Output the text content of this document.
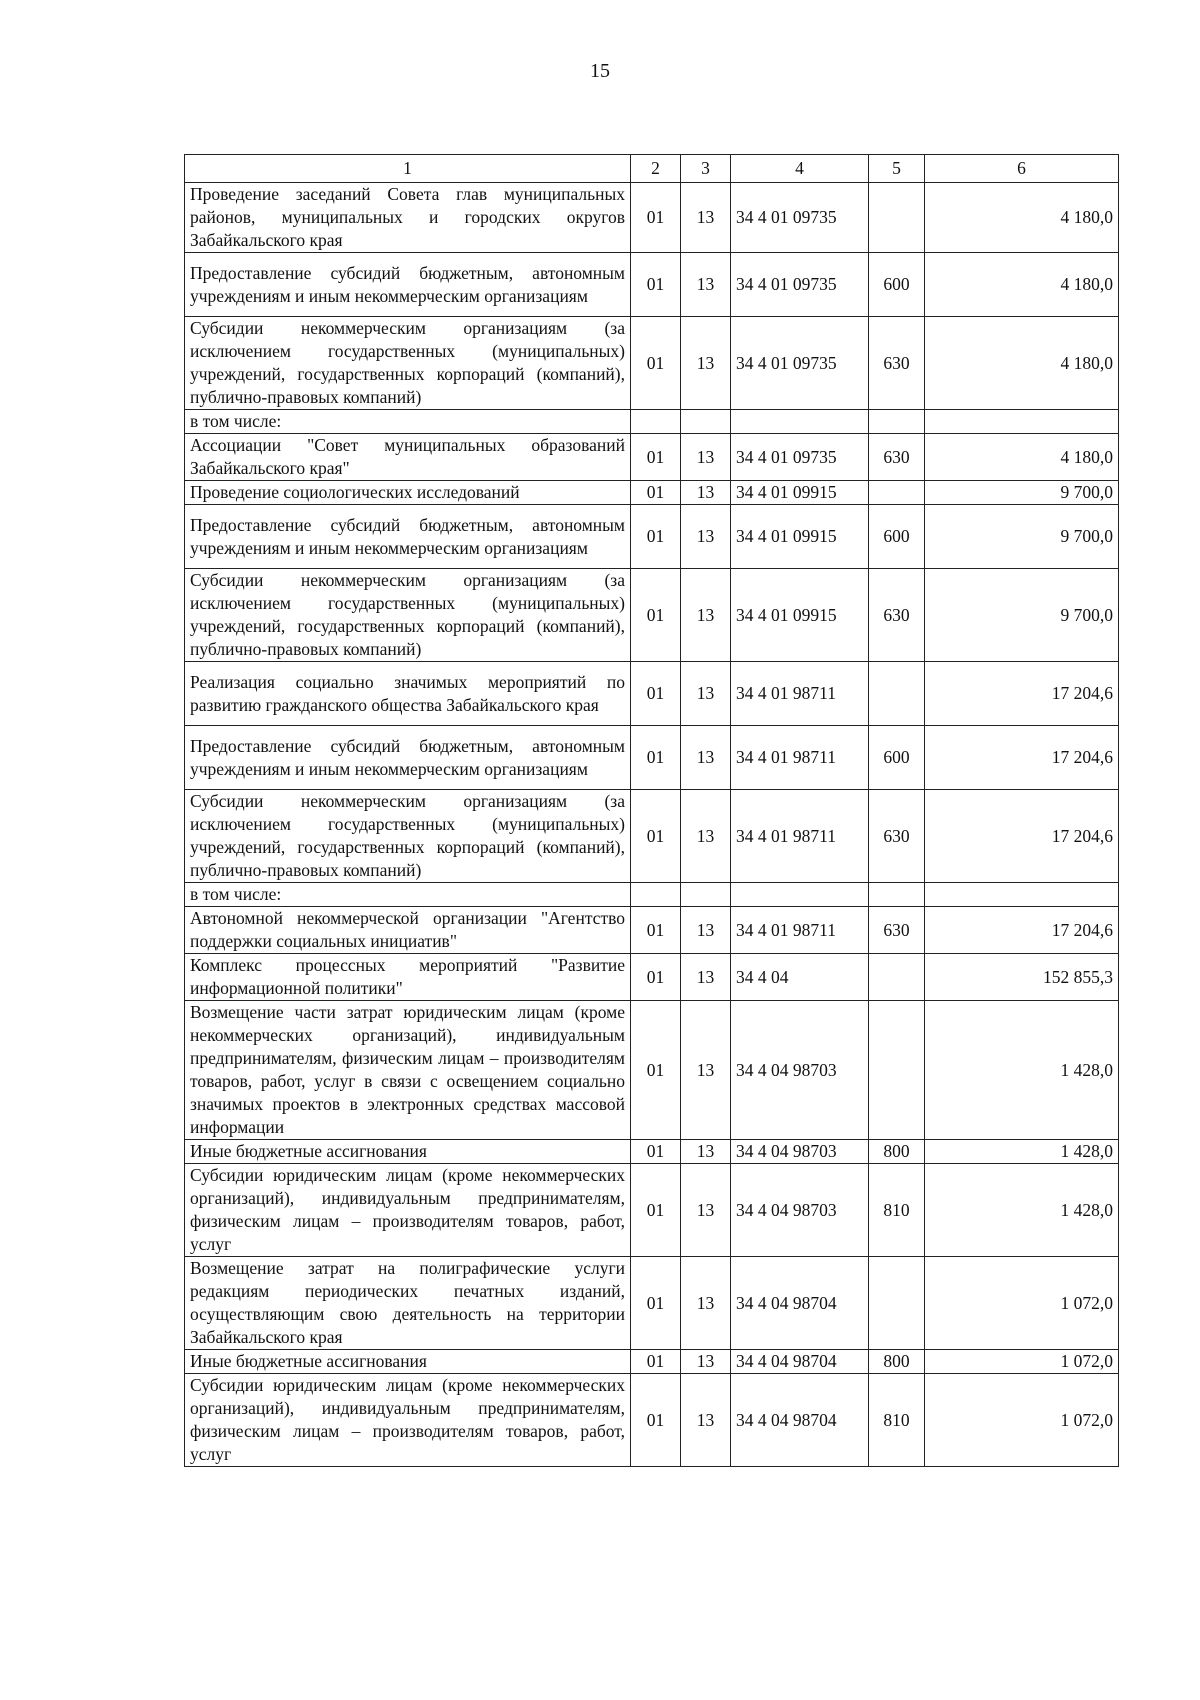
15
1	2	3	4	5	6
Проведение заседаний Совета глав муниципальных районов, муниципальных и городских округов Забайкальского края	01	13	34 4 01 09735		4 180,0
Предоставление субсидий бюджетным, автономным учреждениям и иным некоммерческим организациям	01	13	34 4 01 09735	600	4 180,0
Субсидии некоммерческим организациям (за исключением государственных (муниципальных) учреждений, государственных корпораций (компаний), публично-правовых компаний)	01	13	34 4 01 09735	630	4 180,0
в том числе:					
Ассоциации "Совет муниципальных образований Забайкальского края"	01	13	34 4 01 09735	630	4 180,0
Проведение социологических исследований	01	13	34 4 01 09915		9 700,0
Предоставление субсидий бюджетным, автономным учреждениям и иным некоммерческим организациям	01	13	34 4 01 09915	600	9 700,0
Субсидии некоммерческим организациям (за исключением государственных (муниципальных) учреждений, государственных корпораций (компаний), публично-правовых компаний)	01	13	34 4 01 09915	630	9 700,0
Реализация социально значимых мероприятий по развитию гражданского общества Забайкальского края	01	13	34 4 01 98711		17 204,6
Предоставление субсидий бюджетным, автономным учреждениям и иным некоммерческим организациям	01	13	34 4 01 98711	600	17 204,6
Субсидии некоммерческим организациям (за исключением государственных (муниципальных) учреждений, государственных корпораций (компаний), публично-правовых компаний)	01	13	34 4 01 98711	630	17 204,6
в том числе:					
Автономной некоммерческой организации "Агентство поддержки социальных инициатив"	01	13	34 4 01 98711	630	17 204,6
Комплекс процессных мероприятий "Развитие информационной политики"	01	13	34 4 04		152 855,3
Возмещение части затрат юридическим лицам (кроме некоммерческих организаций), индивидуальным предпринимателям, физическим лицам – производителям товаров, работ, услуг в связи с освещением социально значимых проектов в электронных средствах массовой информации	01	13	34 4 04 98703		1 428,0
Иные бюджетные ассигнования	01	13	34 4 04 98703	800	1 428,0
Субсидии юридическим лицам (кроме некоммерческих организаций), индивидуальным предпринимателям, физическим лицам – производителям товаров, работ, услуг	01	13	34 4 04 98703	810	1 428,0
Возмещение затрат на полиграфические услуги редакциям периодических печатных изданий, осуществляющим свою деятельность на территории Забайкальского края	01	13	34 4 04 98704		1 072,0
Иные бюджетные ассигнования	01	13	34 4 04 98704	800	1 072,0
Субсидии юридическим лицам (кроме некоммерческих организаций), индивидуальным предпринимателям, физическим лицам – производителям товаров, работ, услуг	01	13	34 4 04 98704	810	1 072,0
